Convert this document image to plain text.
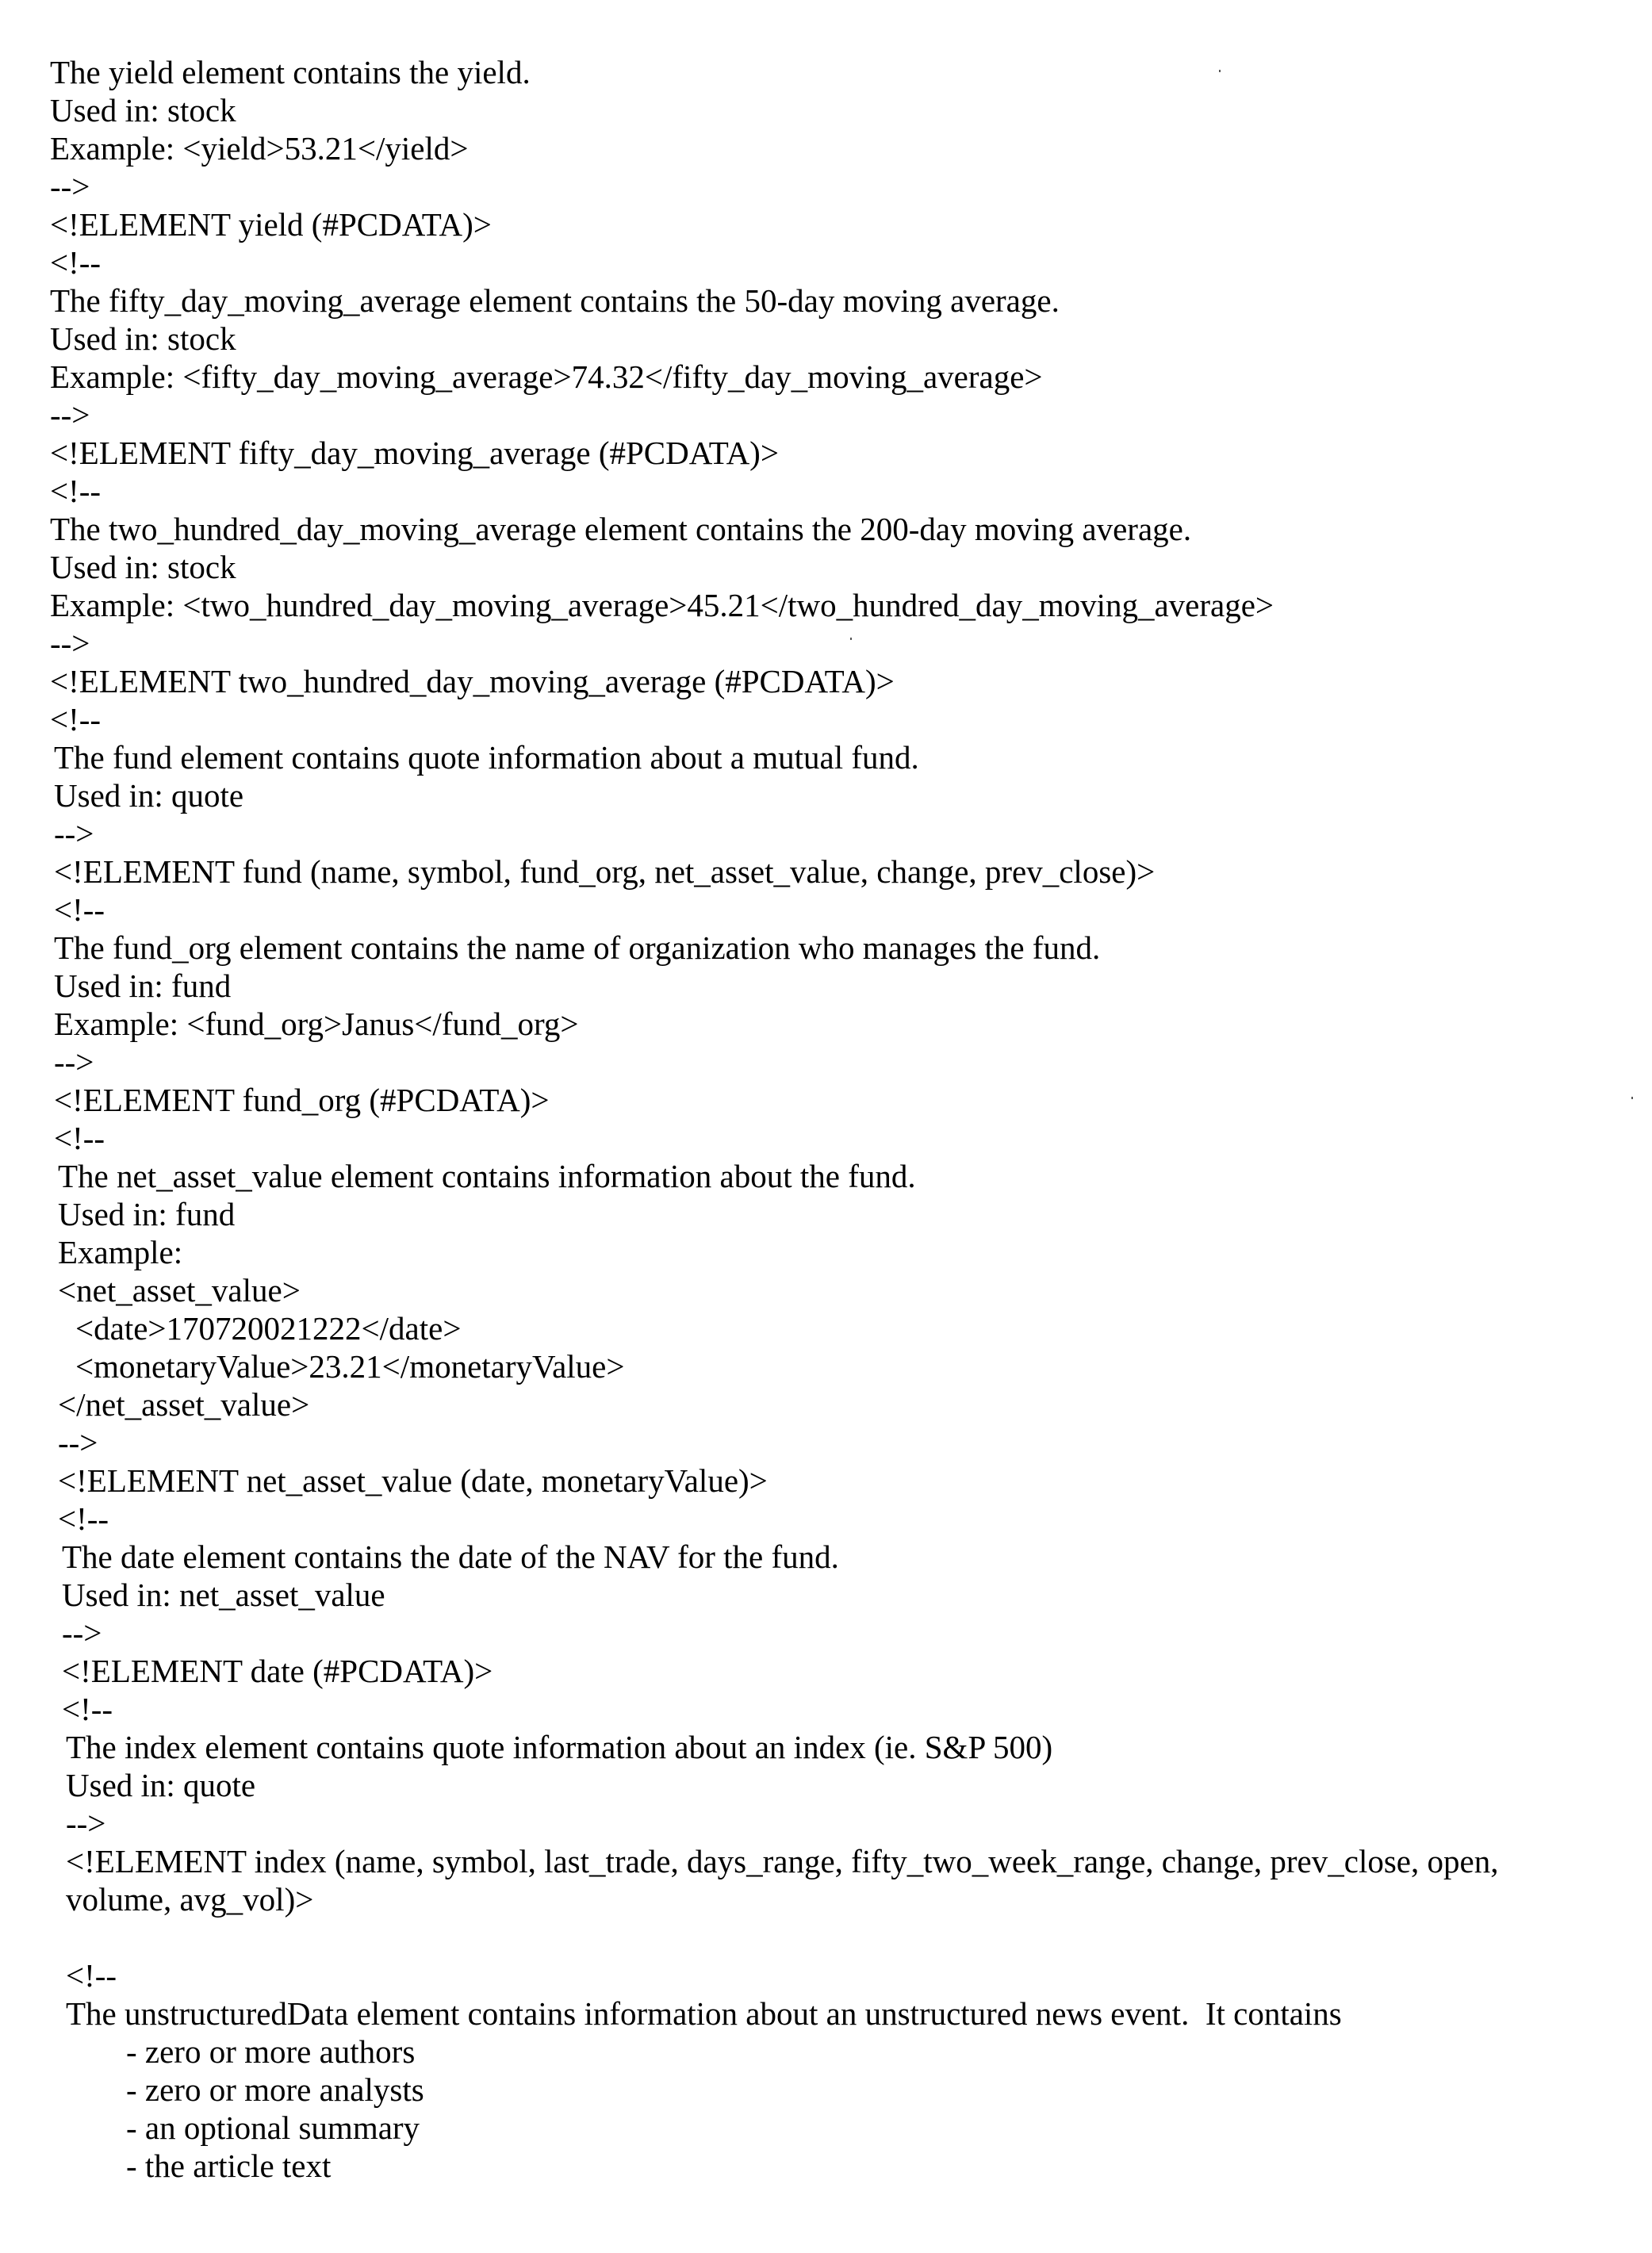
The yield element contains the yield.
Used in: stock
Example: <yield>53.21</yield>
-->
<!ELEMENT yield (#PCDATA)>
<!--
The fifty_day_moving_average element contains the 50-day moving average.
Used in: stock
Example: <fifty_day_moving_average>74.32</fifty_day_moving_average>
-->
<!ELEMENT fifty_day_moving_average (#PCDATA)>
<!--
The two_hundred_day_moving_average element contains the 200-day moving average.
Used in: stock
Example: <two_hundred_day_moving_average>45.21</two_hundred_day_moving_average>
-->
<!ELEMENT two_hundred_day_moving_average (#PCDATA)>
<!--
The fund element contains quote information about a mutual fund.
Used in: quote
-->
<!ELEMENT fund (name, symbol, fund_org, net_asset_value, change, prev_close)>
<!--
The fund_org element contains the name of organization who manages the fund.
Used in: fund
Example: <fund_org>Janus</fund_org>
-->
<!ELEMENT fund_org (#PCDATA)>
<!--
The net_asset_value element contains information about the fund.
Used in: fund
Example:
<net_asset_value>
<date>170720021222</date>
<monetaryValue>23.21</monetaryValue>
</net_asset_value>
-->
<!ELEMENT net_asset_value (date, monetaryValue)>
<!--
The date element contains the date of the NAV for the fund.
Used in: net_asset_value
-->
<!ELEMENT date (#PCDATA)>
<!--
The index element contains quote information about an index (ie. S&P 500)
Used in: quote
-->
<!ELEMENT index (name, symbol, last_trade, days_range, fifty_two_week_range, change, prev_close, open,
volume, avg_vol)>
<!--
The unstructuredData element contains information about an unstructured news event.  It contains
- zero or more authors
- zero or more analysts
- an optional summary
- the article text
